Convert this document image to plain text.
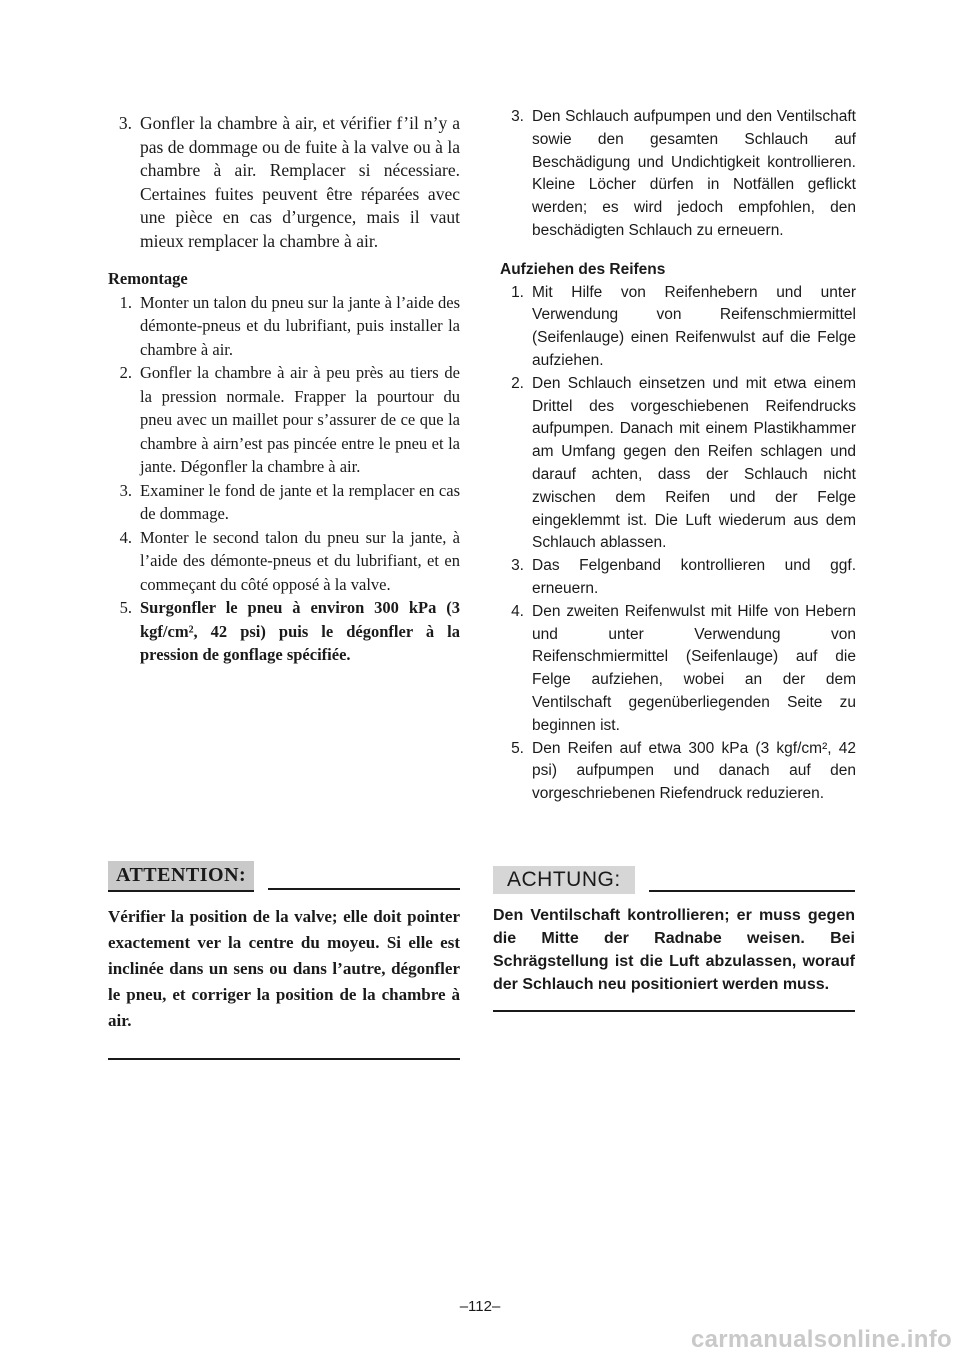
3. Gonfler la chambre à air, et vérifier f’il n’y a pas de dommage ou de fuite à la valve ou à la chambre à air. Remplacer si nécessiare. Certaines fuites peuvent être réparées avec une pièce en cas d’urgence, mais il vaut mieux remplacer la chambre à air.

Remontage

1. Monter un talon du pneu sur la jante à l’aide des démonte-pneus et du lubrifiant, puis installer la chambre à air.
2. Gonfler la chambre à air à peu près au tiers de la pression normale. Frapper la pourtour du pneu avec un maillet pour s’assurer de ce que la chambre à airn’est pas pincée entre le pneu et la jante. Dégonfler la chambre à air.
3. Examiner le fond de jante et la remplacer en cas de dommage.
4. Monter le second talon du pneu sur la jante, à l’aide des démonte-pneus et du lubrifiant, et en commeçant du côté opposé à la valve.
5. Surgonfler le pneu à environ 300 kPa (3 kgf/cm², 42 psi) puis le dégonfler à la pression de gonflage spécifiée.
ATTENTION:
Vérifier la position de la valve; elle doit pointer exactement ver la centre du moyeu. Si elle est inclinée dans un sens ou dans l’autre, dégonfler le pneu, et corriger la position de la chambre à air.
3. Den Schlauch aufpumpen und den Ventilschaft sowie den gesamten Schlauch auf Beschädigung und Undichtigkeit kontrollieren. Kleine Löcher dürfen in Notfällen geflickt werden; es wird jedoch empfohlen, den beschädigten Schlauch zu erneuern.

Aufziehen des Reifens

1. Mit Hilfe von Reifenhebern und unter Verwendung von Reifenschmiermittel (Seifenlauge) einen Reifenwulst auf die Felge aufziehen.
2. Den Schlauch einsetzen und mit etwa einem Drittel des vorgeschiebenen Reifendrucks aufpumpen. Danach mit einem Plastikhammer am Umfang gegen den Reifen schlagen und darauf achten, dass der Schlauch nicht zwischen dem Reifen und der Felge eingeklemmt ist. Die Luft wiederum aus dem Schlauch ablassen.
3. Das Felgenband kontrollieren und ggf. erneuern.
4. Den zweiten Reifenwulst mit Hilfe von Hebern und unter Verwendung von Reifenschmiermittel (Seifenlauge) auf die Felge aufziehen, wobei an der dem Ventilschaft gegenüberliegenden Seite zu beginnen ist.
5. Den Reifen auf etwa 300 kPa (3 kgf/cm², 42 psi) aufpumpen und danach auf den vorgeschriebenen Riefendruck reduzieren.
ACHTUNG:
Den Ventilschaft kontrollieren; er muss gegen die Mitte der Radnabe weisen. Bei Schrägstellung ist die Luft abzulassen, worauf der Schlauch neu positioniert werden muss.
–112–
carmanualsonline.info
